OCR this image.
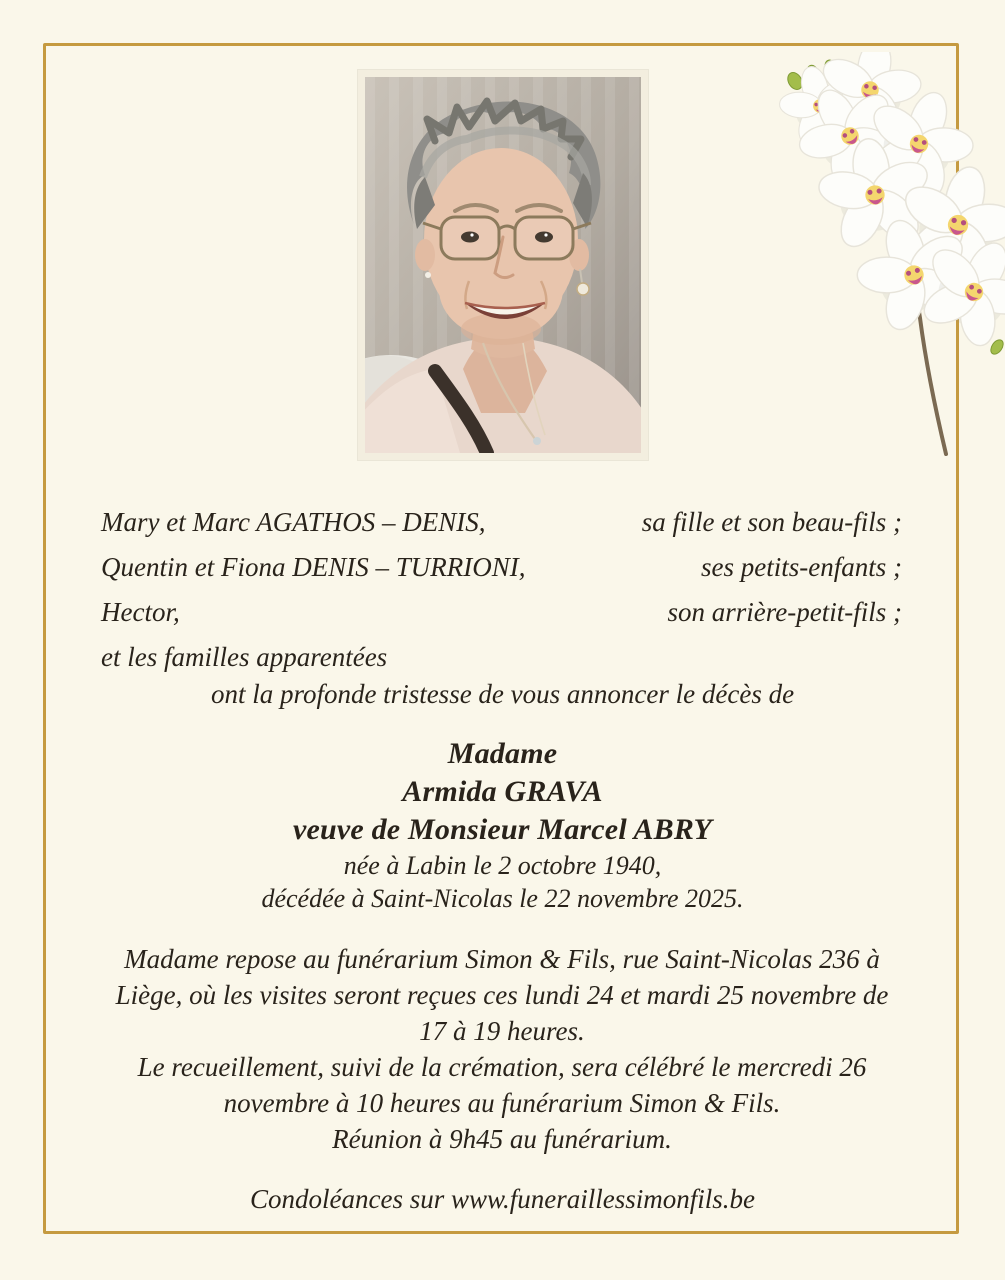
Mary et Marc AGATHOS – DENIS,	sa fille et son beau-fils ;
Quentin et Fiona DENIS – TURRIONI,	ses petits-enfants ;
Hector,	son arrière-petit-fils ;
et les familles apparentées
ont la profonde tristesse de vous annoncer le décès de
Madame
Armida GRAVA
veuve de Monsieur Marcel ABRY
née à Labin le 2 octobre 1940,
décédée à Saint-Nicolas le 22 novembre 2025.

Madame repose au funérarium Simon & Fils, rue Saint-Nicolas 236 à Liège, où les visites seront reçues ces lundi 24 et mardi 25 novembre de 17 à 19 heures.

Le recueillement, suivi de la crémation, sera célébré le mercredi 26 novembre à 10 heures au funérarium Simon & Fils.

Réunion à 9h45 au funérarium.

Condoléances sur www.funeraillessimonfils.be
